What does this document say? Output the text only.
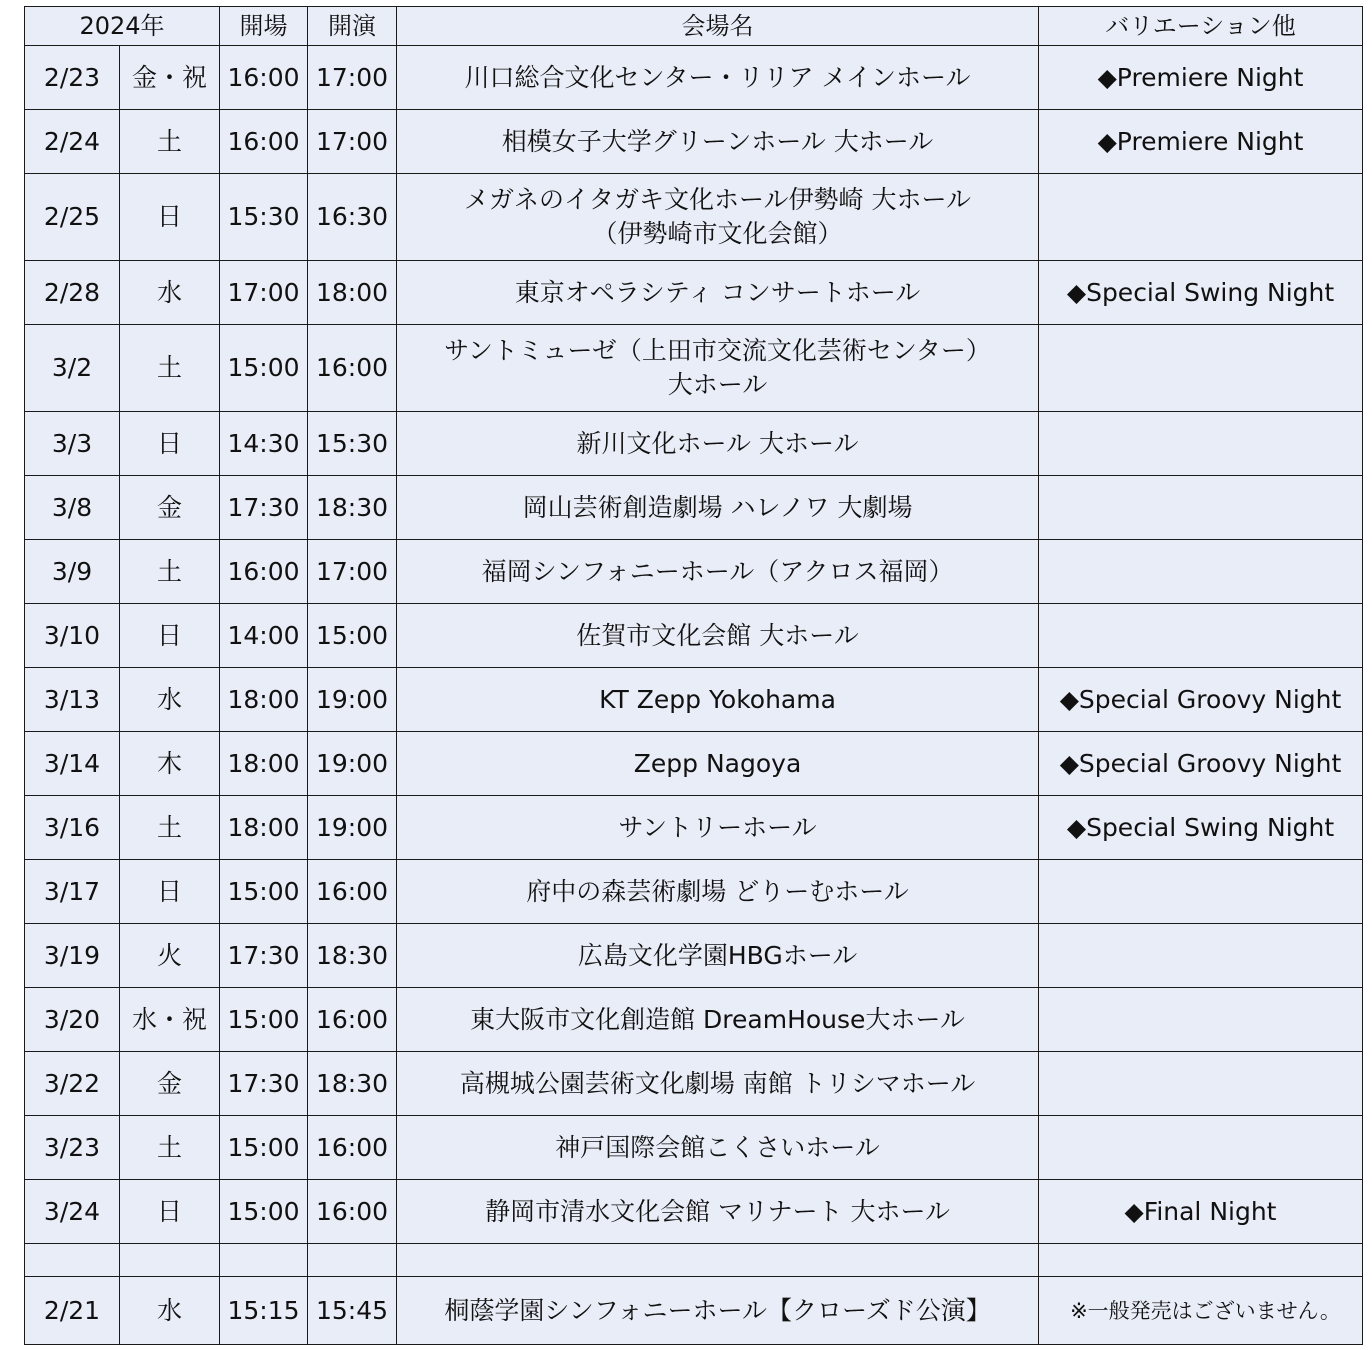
2024年		開場	開演	会場名	バリエーション他
2/23	金・祝	16:00	17:00	川口総合文化センター・リリア メインホール	◆Premiere Night
2/24	土	16:00	17:00	相模女子大学グリーンホール 大ホール	◆Premiere Night
2/25	日	15:30	16:30	メガネのイタガキ文化ホール伊勢崎 大ホール
（伊勢崎市文化会館）	

2/28	水	17:00	18:00	東京オペラシティ コンサートホール	◆Special Swing Night
3/2	土	15:00	16:00	サントミューゼ（上田市交流文化芸術センター）
大ホール	

3/3	日	14:30	15:30	新川文化ホール 大ホール	

3/8	金	17:30	18:30	岡山芸術創造劇場 ハレノワ 大劇場	

3/9	土	16:00	17:00	福岡シンフォニーホール（アクロス福岡）	

3/10	日	14:00	15:00	佐賀市文化会館 大ホール	

3/13	水	18:00	19:00	KT Zepp Yokohama	◆Special Groovy Night
3/14	木	18:00	19:00	Zepp Nagoya	◆Special Groovy Night
3/16	土	18:00	19:00	サントリーホール	◆Special Swing Night
3/17	日	15:00	16:00	府中の森芸術劇場 どりーむホール	

3/19	火	17:30	18:30	広島文化学園HBGホール	

3/20	水・祝	15:00	16:00	東大阪市文化創造館 DreamHouse大ホール	

3/22	金	17:30	18:30	高槻城公園芸術文化劇場 南館 トリシマホール	

3/23	土	15:00	16:00	神戸国際会館こくさいホール	

3/24	日	15:00	16:00	静岡市清水文化会館 マリナート 大ホール	◆Final Night

2/21	水	15:15	15:45	桐蔭学園シンフォニーホール【クローズド公演】	※一般発売はございません。
